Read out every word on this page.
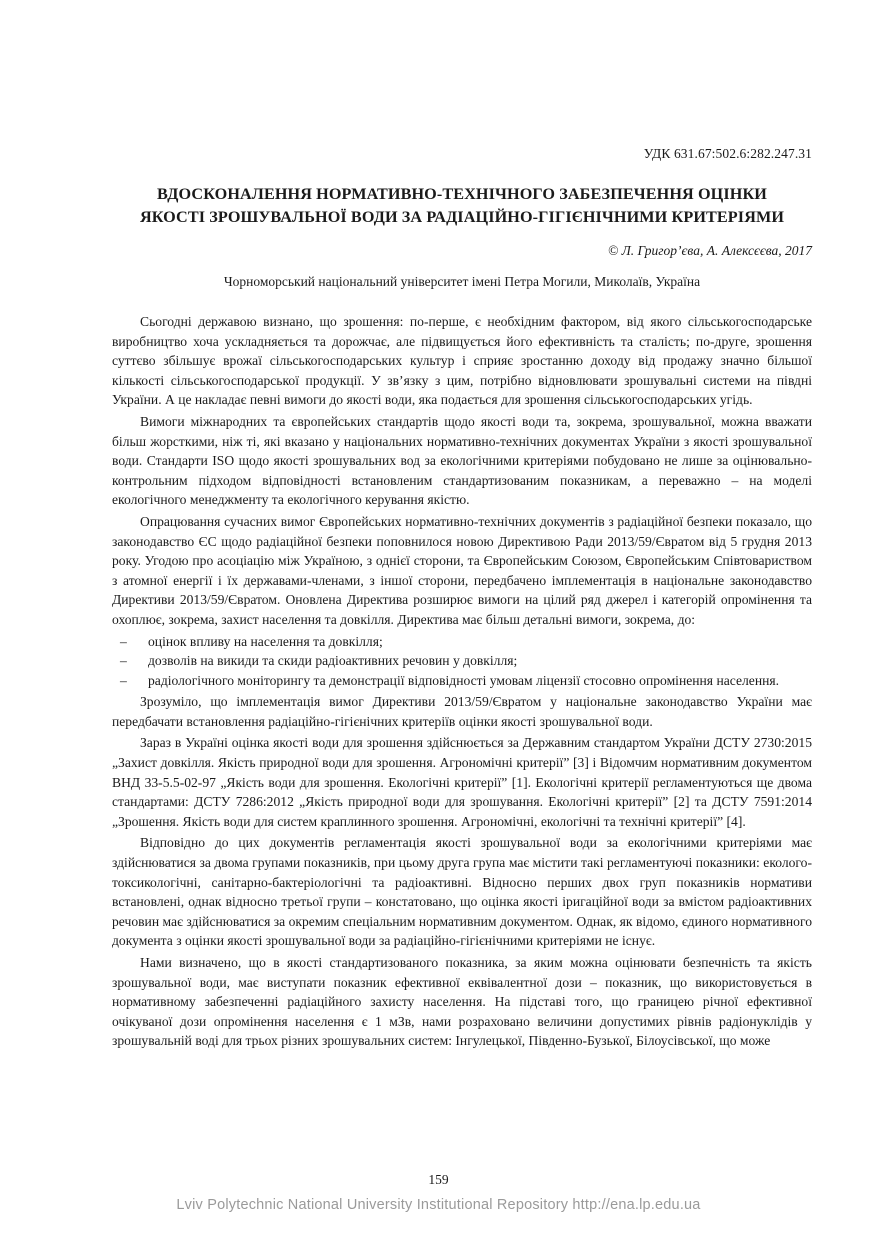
УДК 631.67:502.6:282.247.31
ВДОСКОНАЛЕННЯ НОРМАТИВНО-ТЕХНІЧНОГО ЗАБЕЗПЕЧЕННЯ ОЦІНКИ
ЯКОСТІ ЗРОШУВАЛЬНОЇ ВОДИ ЗА РАДІАЦІЙНО-ГІГІЄНІЧНИМИ КРИТЕРІЯМИ
© Л. Григор’єва, А. Алексєєва, 2017
Чорноморський національний університет імені Петра Могили, Миколаїв, Україна

Сьогодні державою визнано, що зрошення: по-перше, є необхідним фактором, від якого сільськогосподарське виробництво хоча ускладняється та дорожчає, але підвищується його ефективність та сталість; по-друге, зрошення суттєво збільшує врожаї сільськогосподарських культур і сприяє зростанню доходу від продажу значно більшої кількості сільськогосподарської продукції. У зв’язку з цим, потрібно відновлювати зрошувальні системи на півдні України. А це накладає певні вимоги до якості води, яка подається для зрошення сільськогосподарських угідь.

Вимоги міжнародних та європейських стандартів щодо якості води та, зокрема, зрошувальної, можна вважати більш жорсткими, ніж ті, які вказано у національних нормативно-технічних документах України з якості зрошувальної води. Стандарти ISO щодо якості зрошувальних вод за екологічними критеріями побудовано не лише за оцінювально-контрольним підходом відповідності встановленим стандартизованим показникам, а переважно – на моделі екологічного менеджменту та екологічного керування якістю.

Опрацювання сучасних вимог Європейських нормативно-технічних документів з радіаційної безпеки показало, що законодавство ЄС щодо радіаційної безпеки поповнилося новою Директивою Ради 2013/59/Євратом від 5 грудня 2013 року. Угодою про асоціацію між Україною, з однієї сторони, та Європейським Союзом, Європейським Співтовариством з атомної енергії і їх державами-членами, з іншої сторони, передбачено імплементація в національне законодавство Директиви 2013/59/Євратом. Оновлена Директива розширює вимоги на цілий ряд джерел і категорій опромінення та охоплює, зокрема, захист населення та довкілля. Директива має більш детальні вимоги, зокрема, до:

– оцінок впливу на населення та довкілля;
– дозволів на викиди та скиди радіоактивних речовин у довкілля;
– радіологічного моніторингу та демонстрації відповідності умовам ліцензії стосовно опромінення населення.

Зрозуміло, що імплементація вимог Директиви 2013/59/Євратом у національне законодавство України має передбачати встановлення радіаційно-гігієнічних критеріїв оцінки якості зрошувальної води.

Зараз в Україні оцінка якості води для зрошення здійснюється за Державним стандартом України ДСТУ 2730:2015 „Захист довкілля. Якість природної води для зрошення. Агрономічні критерії” [3] і Відомчим нормативним документом ВНД 33-5.5-02-97 „Якість води для зрошення. Екологічні критерії” [1]. Екологічні критерії регламентуються ще двома стандартами: ДСТУ 7286:2012 „Якість природної води для зрошування. Екологічні критерії” [2] та ДСТУ 7591:2014 „Зрошення. Якість води для систем краплинного зрошення. Агрономічні, екологічні та технічні критерії” [4].

Відповідно до цих документів регламентація якості зрошувальної води за екологічними критеріями має здійснюватися за двома групами показників, при цьому друга група має містити такі регламентуючі показники: еколого-токсикологічні, санітарно-бактеріологічні та радіоактивні. Відносно перших двох груп показників нормативи встановлені, однак відносно третьої групи – констатовано, що оцінка якості іригаційної води за вмістом радіоактивних речовин має здійснюватися за окремим спеціальним нормативним документом. Однак, як відомо, єдиного нормативного документа з оцінки якості зрошувальної води за радіаційно-гігієнічними критеріями не існує.

Нами визначено, що в якості стандартизованого показника, за яким можна оцінювати безпечність та якість зрошувальної води, має виступати показник ефективної еквівалентної дози – показник, що використовується в нормативному забезпеченні радіаційного захисту населення. На підставі того, що границею річної ефективної очікуваної дози опромінення населення є 1 мЗв, нами розраховано величини допустимих рівнів радіонуклідів у зрошувальній воді для трьох різних зрошувальних систем: Інгулецької, Південно-Бузької, Білоусівської, що може

159
Lviv Polytechnic National University Institutional Repository http://ena.lp.edu.ua
